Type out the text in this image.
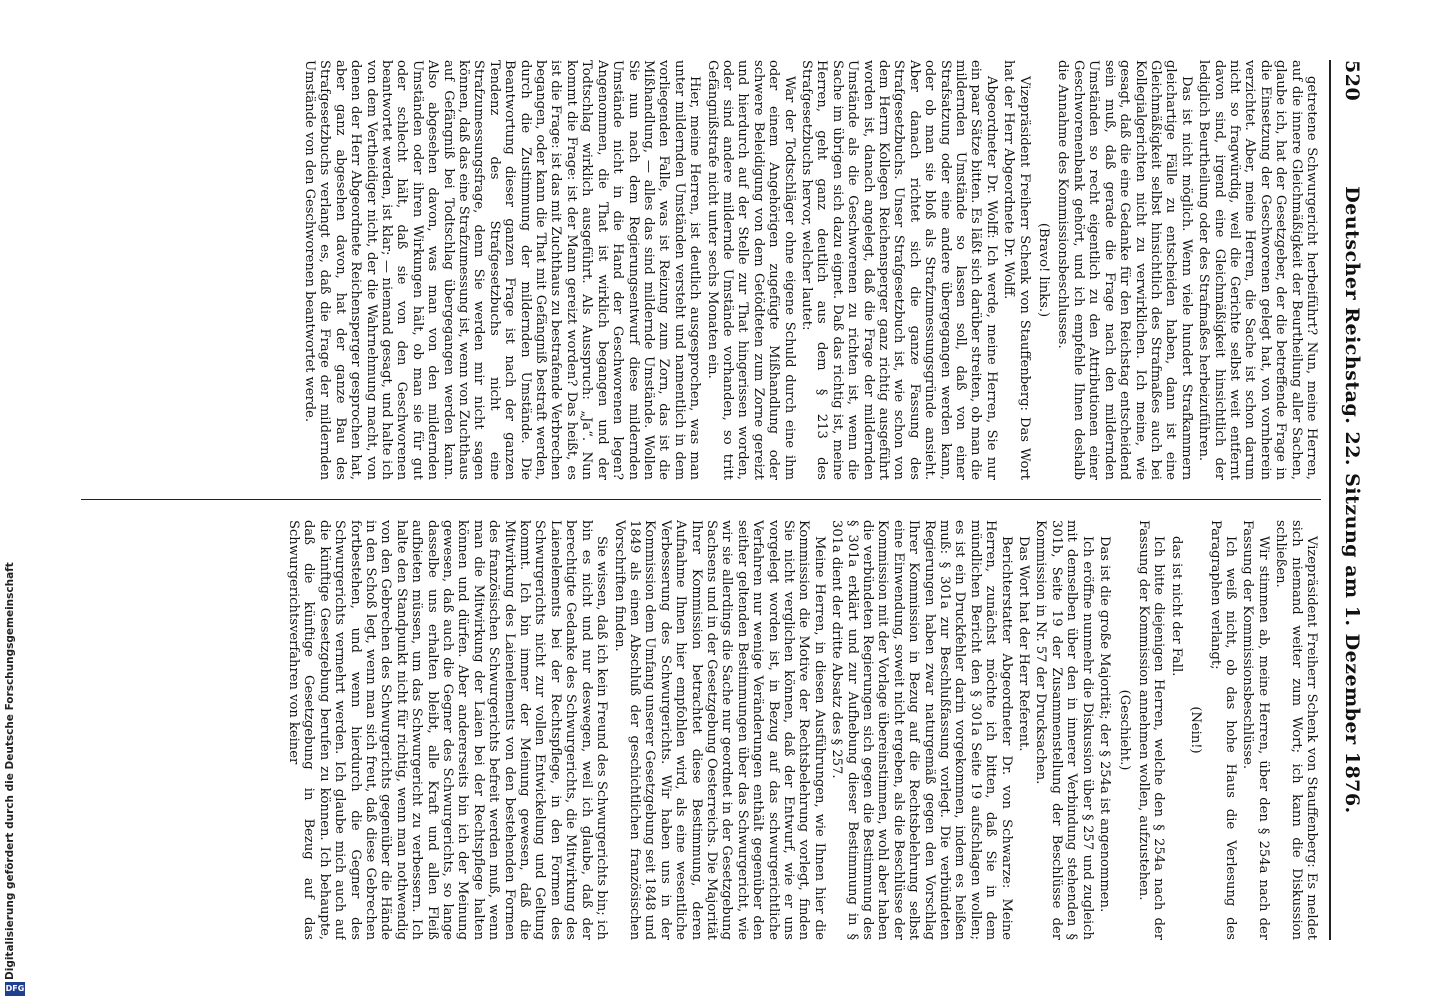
520
Deutscher Reichstag. 22. Sitzung am 1. Dezember 1876.

getretene Schwurgericht herbeiführt? Nun, meine Herren, auf die innere Gleichmäßigkeit der Beurtheilung aller Sachen, glaube ich, hat der Gesetzgeber, der die betreffende Frage in die Einsetzung der Geschworenen gelegt hat, von vornherein verzichtet. Aber, meine Herren, die Sache ist schon darum nicht so fragwürdig, weil die Gerichte selbst weit entfernt davon sind, irgend eine Gleichmäßigkeit hinsichtlich der lediglich Beurtheilung oder des Strafmaßes herbeizuführen.

Das ist nicht möglich. Wenn viele hundert Strafkammern gleichartige Fälle zu entscheiden haben, dann ist eine Gleichmäßigkeit selbst hinsichtlich des Strafmaßes auch bei Kollegialgerichten nicht zu verwirklichen. Ich meine, wie gesagt, daß die eine Gedanke für den Reichstag entscheidend sein muß, daß gerade die Frage nach den mildernden Umständen so recht eigentlich zu den Attributionen einer Geschworenenbank gehört, und ich empfehle Ihnen deshalb die Annahme des Kommissionsbeschlusses.

(Bravo! links.)

Vizepräsident Freiherr Schenk von Stauffenberg: Das Wort hat der Herr Abgeordnete Dr. Wolff.

Abgeordneter Dr. Wolff: Ich werde, meine Herren, Sie nur ein paar Sätze bitten. Es läßt sich darüber streiten, ob man die mildernden Umstände so lassen soll, daß von einer Strafsatzung oder eine andere übergegangen werden kann, oder ob man sie bloß als Strafzumessungsgründe ansieht. Aber danach richtet sich die ganze Fassung des Strafgesetzbuchs. Unser Strafgesetzbuch ist, wie schon von dem Herrn Kollegen Reichensperger ganz richtig ausgeführt worden ist, danach angelegt, daß die Frage der mildernden Umstände als die Geschworenen zu richten ist, wenn die Sache im übrigen sich dazu eignet. Daß das richtig ist, meine Herren, geht ganz deutlich aus dem § 213 des Strafgesetzbuchs hervor, welcher lautet:

War der Todtschläger ohne eigene Schuld durch eine ihm oder einem Angehörigen zugefügte Mißhandlung oder schwere Beleidigung von dem Getödteten zum Zorne gereizt und hierdurch auf der Stelle zur That hingerissen worden, oder sind andere mildernde Umstände vorhanden, so tritt Gefängnißstrafe nicht unter sechs Monaten ein.

Hier, meine Herren, ist deutlich ausgesprochen, was man unter mildernden Umständen versteht und namentlich in dem vorliegenden Falle, was ist Reizung zum Zorn, das ist die Mißhandlung, — alles das sind mildernde Umstände. Wollen Sie nun nach dem Regierungsentwurf diese mildernden Umstände nicht in die Hand der Geschworenen legen? Angenommen, die That ist wirklich begangen und der Todtschlag wirklich ausgeführt. Als Ausspruch: „Ja“. Nun kommt die Frage: ist der Mann gereizt worden? Das heißt, es ist die Frage: ist das mit Zuchthaus zu bestrafende Verbrechen begangen, oder kann die That mit Gefängniß bestraft werden, durch die Zustimmung der mildernden Umstände. Die Beantwortung dieser ganzen Frage ist nach der ganzen Tendenz des Strafgesetzbuchs nicht eine Strafzumessungsfrage, denn Sie werden mir nicht sagen können, daß das eine Strafzumessung ist, wenn von Zuchthaus auf Gefängniß bei Todtschlag übergegangen werden kann. Also abgesehen davon, was man von den mildernden Umständen oder ihren Wirkungen hält, ob man sie für gut oder schlecht hält, daß sie von den Geschworenen beantwortet werden, ist klar; — niemand gesagt, und halte ich von dem Vertheidiger nicht, der die Wahrnehmung macht, von denen der Herr Abgeordnete Reichensperger gesprochen hat, aber ganz abgesehen davon, hat der ganze Bau des Strafgesetzbuchs verlangt es, daß die Frage der mildernden Umstände von den Geschworenen beantwortet werde.

Vizepräsident Freiherr Schenk von Stauffenberg: Es meldet sich niemand weiter zum Wort; ich kann die Diskussion schließen.

Wir stimmen ab, meine Herren, über den § 254a nach der Fassung der Kommissionsbeschlüsse.

Ich weiß nicht, ob das hohe Haus die Verlesung des Paragraphen verlangt;

(Nein!)

das ist nicht der Fall.

Ich bitte diejenigen Herren, welche den § 254a nach der Fassung der Kommission annehmen wollen, aufzustehen.

(Geschieht.)

Das ist die große Majorität; der § 254a ist angenommen.

Ich eröffne nunmehr die Diskussion über § 257 und zugleich mit demselben über den in innerer Verbindung stehenden § 301b, Seite 19 der Zusammenstellung der Beschlüsse der Kommission in Nr. 57 der Drucksachen.

Das Wort hat der Herr Referent.

Berichterstatter Abgeordneter Dr. von Schwarze: Meine Herren, zunächst möchte ich bitten, daß Sie in dem mündlichen Bericht den § 301a Seite 19 aufschlagen wollen; es ist ein Druckfehler darin vorgekommen, indem es heißen muß: § 301a zur Beschlußfassung vorlegt. Die verbündeten Regierungen haben zwar naturgemäß gegen den Vorschlag Ihrer Kommission in Bezug auf die Rechtsbelehrung selbst eine Einwendung, soweit nicht ergeben, als die Beschlüsse der Kommission mit der Vorlage übereinstimmen, wohl aber haben die verbündeten Regierungen sich gegen die Bestimmung des § 301a erklärt und zur Aufhebung dieser Bestimmung in § 301a dient der dritte Absatz des § 257.

Meine Herren, in diesen Ausführungen, wie Ihnen hier die Kommission die Motive der Rechtsbelehrung vorlegt, finden Sie nicht verglichen können, daß der Entwurf, wie er uns vorgelegt worden ist, in Bezug auf das schwurgerichtliche Verfahren nur wenige Veränderungen enthält gegenüber den seither geltenden Bestimmungen über das Schwurgericht, wie wir sie allerdings die Sache nur geordnet in der Gesetzgebung Sachsens und in der Gesetzgebung Oesterreichs. Die Majorität Ihrer Kommission betrachtet diese Bestimmung, deren Aufnahme Ihnen hier empfohlen wird, als eine wesentliche Verbesserung des Schwurgerichts. Wir haben uns in der Kommission dem Umfang unserer Gesetzgebung seit 1848 und 1849 als einen Abschluß der geschichtlichen französischen Vorschriften finden.

Sie wissen, daß ich kein Freund des Schwurgerichts bin; ich bin es nicht und nur deswegen, weil ich glaube, daß der berechtigte Gedanke des Schwurgerichts, die Mitwirkung des Laienelements bei der Rechtspflege, in den Formen des Schwurgerichts nicht zur vollen Entwickelung und Geltung kommt. Ich bin immer der Meinung gewesen, daß die Mitwirkung des Laienelements von den bestehenden Formen des französischen Schwurgerichts befreit werden muß, wenn man die Mitwirkung der Laien bei der Rechtspflege halten können und dürfen. Aber andererseits bin ich der Meinung gewesen, daß auch die Gegner des Schwurgerichts, so lange dasselbe uns erhalten bleibt, alle Kraft und allen Fleiß aufbieten müssen, um das Schwurgericht zu verbessern. Ich halte den Standpunkt nicht für richtig, wenn man nothwendig von den Gebrechen des Schwurgerichts gegenüber die Hände in den Schoß legt, wenn man sich freut, daß diese Gebrechen fortbestehen, und wenn hierdurch die Gegner des Schwurgerichts vermehrt werden. Ich glaube mich auch auf die künftige Gesetzgebung berufen zu können. Ich behaupte, daß die künftige Gesetzgebung in Bezug auf das Schwurgerichtsverfahren von keiner

Digitalisierung gefördert durch die Deutsche Forschungsgemeinschaft
DFG
